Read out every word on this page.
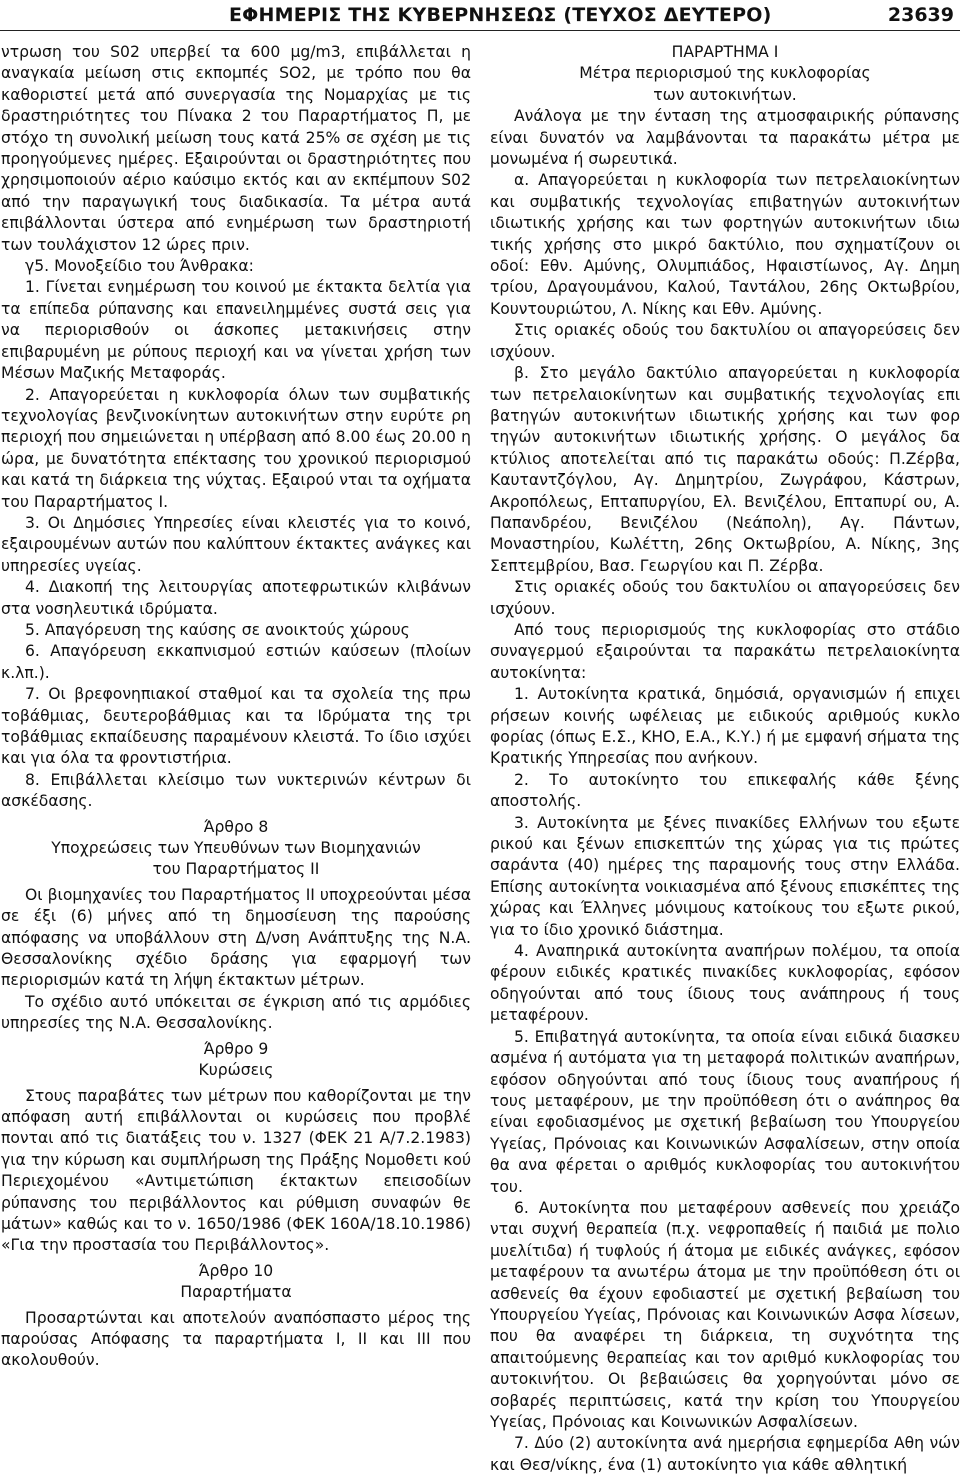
ΕΦΗΜΕΡΙΣ ΤΗΣ ΚΥΒΕΡΝΗΣΕΩΣ (ΤΕΥΧΟΣ ΔΕΥΤΕΡΟ)	23639

ντρωση του S02 υπερβεί τα 600 μg/m3, επιβάλλεται η αναγκαία μείωση στις εκπομπές SO2, με τρόπο που θα καθοριστεί μετά από συνεργασία της Νομαρχίας με τις δραστηριότητες του Πίνακα 2 του Παραρτήματος Π, με στόχο τη συνολική μείωση τους κατά 25% σε σχέση με τις προηγούμενες ημέρες. Εξαιρούνται οι δραστηριότητες που χρησιμοποιούν αέριο καύσιμο εκτός και αν εκπέμπουν S02 από την παραγωγική τους διαδικασία. Τα μέτρα αυτά επιβάλλονται ύστερα από ενημέρωση των δραστηριοτή των τουλάχιστον 12 ώρες πριν.

γ5. Μονοξείδιο του Άνθρακα:

1. Γίνεται ενημέρωση του κοινού με έκτακτα δελτία για τα επίπεδα ρύπανσης και επανειλημμένες συστά σεις για να περιορισθούν οι άσκοπες μετακινήσεις στην επιβαρυμένη με ρύπους περιοχή και να γίνεται χρήση των Μέσων Μαζικής Μεταφοράς.

2. Απαγορεύεται η κυκλοφορία όλων των συμβατικής τεχνολογίας βενζινοκίνητων αυτοκινήτων στην ευρύτε ρη περιοχή που σημειώνεται η υπέρβαση από 8.00 έως 20.00 η ώρα, με δυνατότητα επέκτασης του χρονικού περιορισμού και κατά τη διάρκεια της νύχτας. Εξαιρού νται τα οχήματα του Παραρτήματος Ι.

3. Οι Δημόσιες Υπηρεσίες είναι κλειστές για το κοινό, εξαιρουμένων αυτών που καλύπτουν έκτακτες ανάγκες και υπηρεσίες υγείας.

4. Διακοπή της λειτουργίας αποτεφρωτικών κλιβάνων στα νοσηλευτικά ιδρύματα.

5. Απαγόρευση της καύσης σε ανοικτούς χώρους

6. Απαγόρευση εκκαπνισμού εστιών καύσεων (πλοίων κ.λπ.).

7. Οι βρεφονηπιακοί σταθμοί και τα σχολεία της πρω τοβάθμιας, δευτεροβάθμιας και τα Ιδρύματα της τρι τοβάθμιας εκπαίδευσης παραμένουν κλειστά. Το ίδιο ισχύει και για όλα τα φροντιστήρια.

8. Επιβάλλεται κλείσιμο των νυκτερινών κέντρων δι ασκέδασης.

Άρθρο 8

Υποχρεώσεις των Υπευθύνων των Βιομηχανιών

του Παραρτήματος ΙΙ

Οι βιομηχανίες του Παραρτήματος ΙΙ υποχρεούνται μέσα σε έξι (6) μήνες από τη δημοσίευση της παρούσης απόφασης να υποβάλλουν στη Δ/νση Ανάπτυξης της Ν.Α. Θεσσαλονίκης σχέδιο δράσης για εφαρμογή των περιορισμών κατά τη λήψη έκτακτων μέτρων.

Το σχέδιο αυτό υπόκειται σε έγκριση από τις αρμόδιες υπηρεσίες της Ν.Α. Θεσσαλονίκης.

Άρθρο 9

Κυρώσεις

Στους παραβάτες των μέτρων που καθορίζονται με την απόφαση αυτή επιβάλλονται οι κυρώσεις που προβλέ πονται από τις διατάξεις του ν. 1327 (ΦΕΚ 21 Α/7.2.1983) για την κύρωση και συμπλήρωση της Πράξης Νομοθετι κού Περιεχομένου «Αντιμετώπιση έκτακτων επεισοδίων ρύπανσης του περιβάλλοντος και ρύθμιση συναφών θε μάτων» καθώς και το ν. 1650/1986 (ΦΕΚ 160Α/18.10.1986) «Για την προστασία του Περιβάλλοντος».

Άρθρο 10

Παραρτήματα

Προσαρτώνται και αποτελούν αναπόσπαστο μέρος της παρούσας Απόφασης τα παραρτήματα Ι, ΙΙ και ΙΙΙ που ακολουθούν.

ΠΑΡΑΡΤΗΜΑ Ι

Μέτρα περιορισμού της κυκλοφορίας

των αυτοκινήτων.

Ανάλογα με την ένταση της ατμοσφαιρικής ρύπανσης είναι δυνατόν να λαμβάνονται τα παρακάτω μέτρα με μονωμένα ή σωρευτικά.

α. Απαγορεύεται η κυκλοφορία των πετρελαιοκίνητων και συμβατικής τεχνολογίας επιβατηγών αυτοκινήτων ιδιωτικής χρήσης και των φορτηγών αυτοκινήτων ιδιω τικής χρήσης στο μικρό δακτύλιο, που σχηματίζουν οι οδοί: Εθν. Αμύνης, Ολυμπιάδος, Ηφαιστίωνος, Αγ. Δημη τρίου, Δραγουμάνου, Καλού, Ταντάλου, 26ης Οκτωβρίου, Κουντουριώτου, Λ. Νίκης και Εθν. Αμύνης.

Στις οριακές οδούς του δακτυλίου οι απαγορεύσεις δεν ισχύουν.

β. Στο μεγάλο δακτύλιο απαγορεύεται η κυκλοφορία των πετρελαιοκίνητων και συμβατικής τεχνολογίας επι βατηγών αυτοκινήτων ιδιωτικής χρήσης και των φορ τηγών αυτοκινήτων ιδιωτικής χρήσης. Ο μεγάλος δα κτύλιος αποτελείται από τις παρακάτω οδούς: Π.Ζέρβα, Καυταντζόγλου, Αγ. Δημητρίου, Ζωγράφου, Κάστρων, Ακροπόλεως, Επταπυργίου, Ελ. Βενιζέλου, Επταπυρί ου, Α. Παπανδρέου, Βενιζέλου (Νεάπολη), Αγ. Πάντων, Μοναστηρίου, Κωλέττη, 26ης Οκτωβρίου, Α. Νίκης, 3ης Σεπτεμβρίου, Βασ. Γεωργίου και Π. Ζέρβα.

Στις οριακές οδούς του δακτυλίου οι απαγορεύσεις δεν ισχύουν.

Από τους περιορισμούς της κυκλοφορίας στο στάδιο συναγερμού εξαιρούνται τα παρακάτω πετρελαιοκίνητα αυτοκίνητα:

1. Αυτοκίνητα κρατικά, δημόσιά, οργανισμών ή επιχει ρήσεων κοινής ωφέλειας με ειδικούς αριθμούς κυκλο φορίας (όπως Ε.Σ., ΚΗΟ, Ε.Α., Κ.Υ.) ή με εμφανή σήματα της Κρατικής Υπηρεσίας που ανήκουν.

2. Το αυτοκίνητο του επικεφαλής κάθε ξένης αποστολής.

3. Αυτοκίνητα με ξένες πινακίδες Ελλήνων του εξωτε ρικού και ξένων επισκεπτών της χώρας για τις πρώτες σαράντα (40) ημέρες της παραμονής τους στην Ελλάδα. Επίσης αυτοκίνητα νοικιασμένα από ξένους επισκέπτες της χώρας και Έλληνες μόνιμους κατοίκους του εξωτε ρικού, για το ίδιο χρονικό διάστημα.

4. Αναπηρικά αυτοκίνητα αναπήρων πολέμου, τα οποία φέρουν ειδικές κρατικές πινακίδες κυκλοφορίας, εφόσον οδηγούνται από τους ίδιους τους ανάπηρους ή τους μεταφέρουν.

5. Επιβατηγά αυτοκίνητα, τα οποία είναι ειδικά διασκευ ασμένα ή αυτόματα για τη μεταφορά πολιτικών αναπήρων, εφόσον οδηγούνται από τους ίδιους τους αναπήρους ή τους μεταφέρουν, με την προϋπόθεση ότι ο ανάπηρος θα είναι εφοδιασμένος με σχετική βεβαίωση του Υπουργείου Υγείας, Πρόνοιας και Κοινωνικών Ασφαλίσεων, στην οποία θα ανα φέρεται ο αριθμός κυκλοφορίας του αυτοκινήτου του.

6. Αυτοκίνητα που μεταφέρουν ασθενείς που χρειάζο νται συχνή θεραπεία (π.χ. νεφροπαθείς ή παιδιά με πολιο μυελίτιδα) ή τυφλούς ή άτομα με ειδικές ανάγκες, εφόσον μεταφέρουν τα ανωτέρω άτομα με την προϋπόθεση ότι οι ασθενείς θα έχουν εφοδιαστεί με σχετική βεβαίωση του Υπουργείου Υγείας, Πρόνοιας και Κοινωνικών Ασφα λίσεων, που θα αναφέρει τη διάρκεια, τη συχνότητα της απαιτούμενης θεραπείας και τον αριθμό κυκλοφορίας του αυτοκινήτου. Οι βεβαιώσεις θα χορηγούνται μόνο σε σοβαρές περιπτώσεις, κατά την κρίση του Υπουργείου Υγείας, Πρόνοιας και Κοινωνικών Ασφαλίσεων.

7. Δύο (2) αυτοκίνητα ανά ημερήσια εφημερίδα Αθη νών και Θεσ/νίκης, ένα (1) αυτοκίνητο για κάθε αθλητική
